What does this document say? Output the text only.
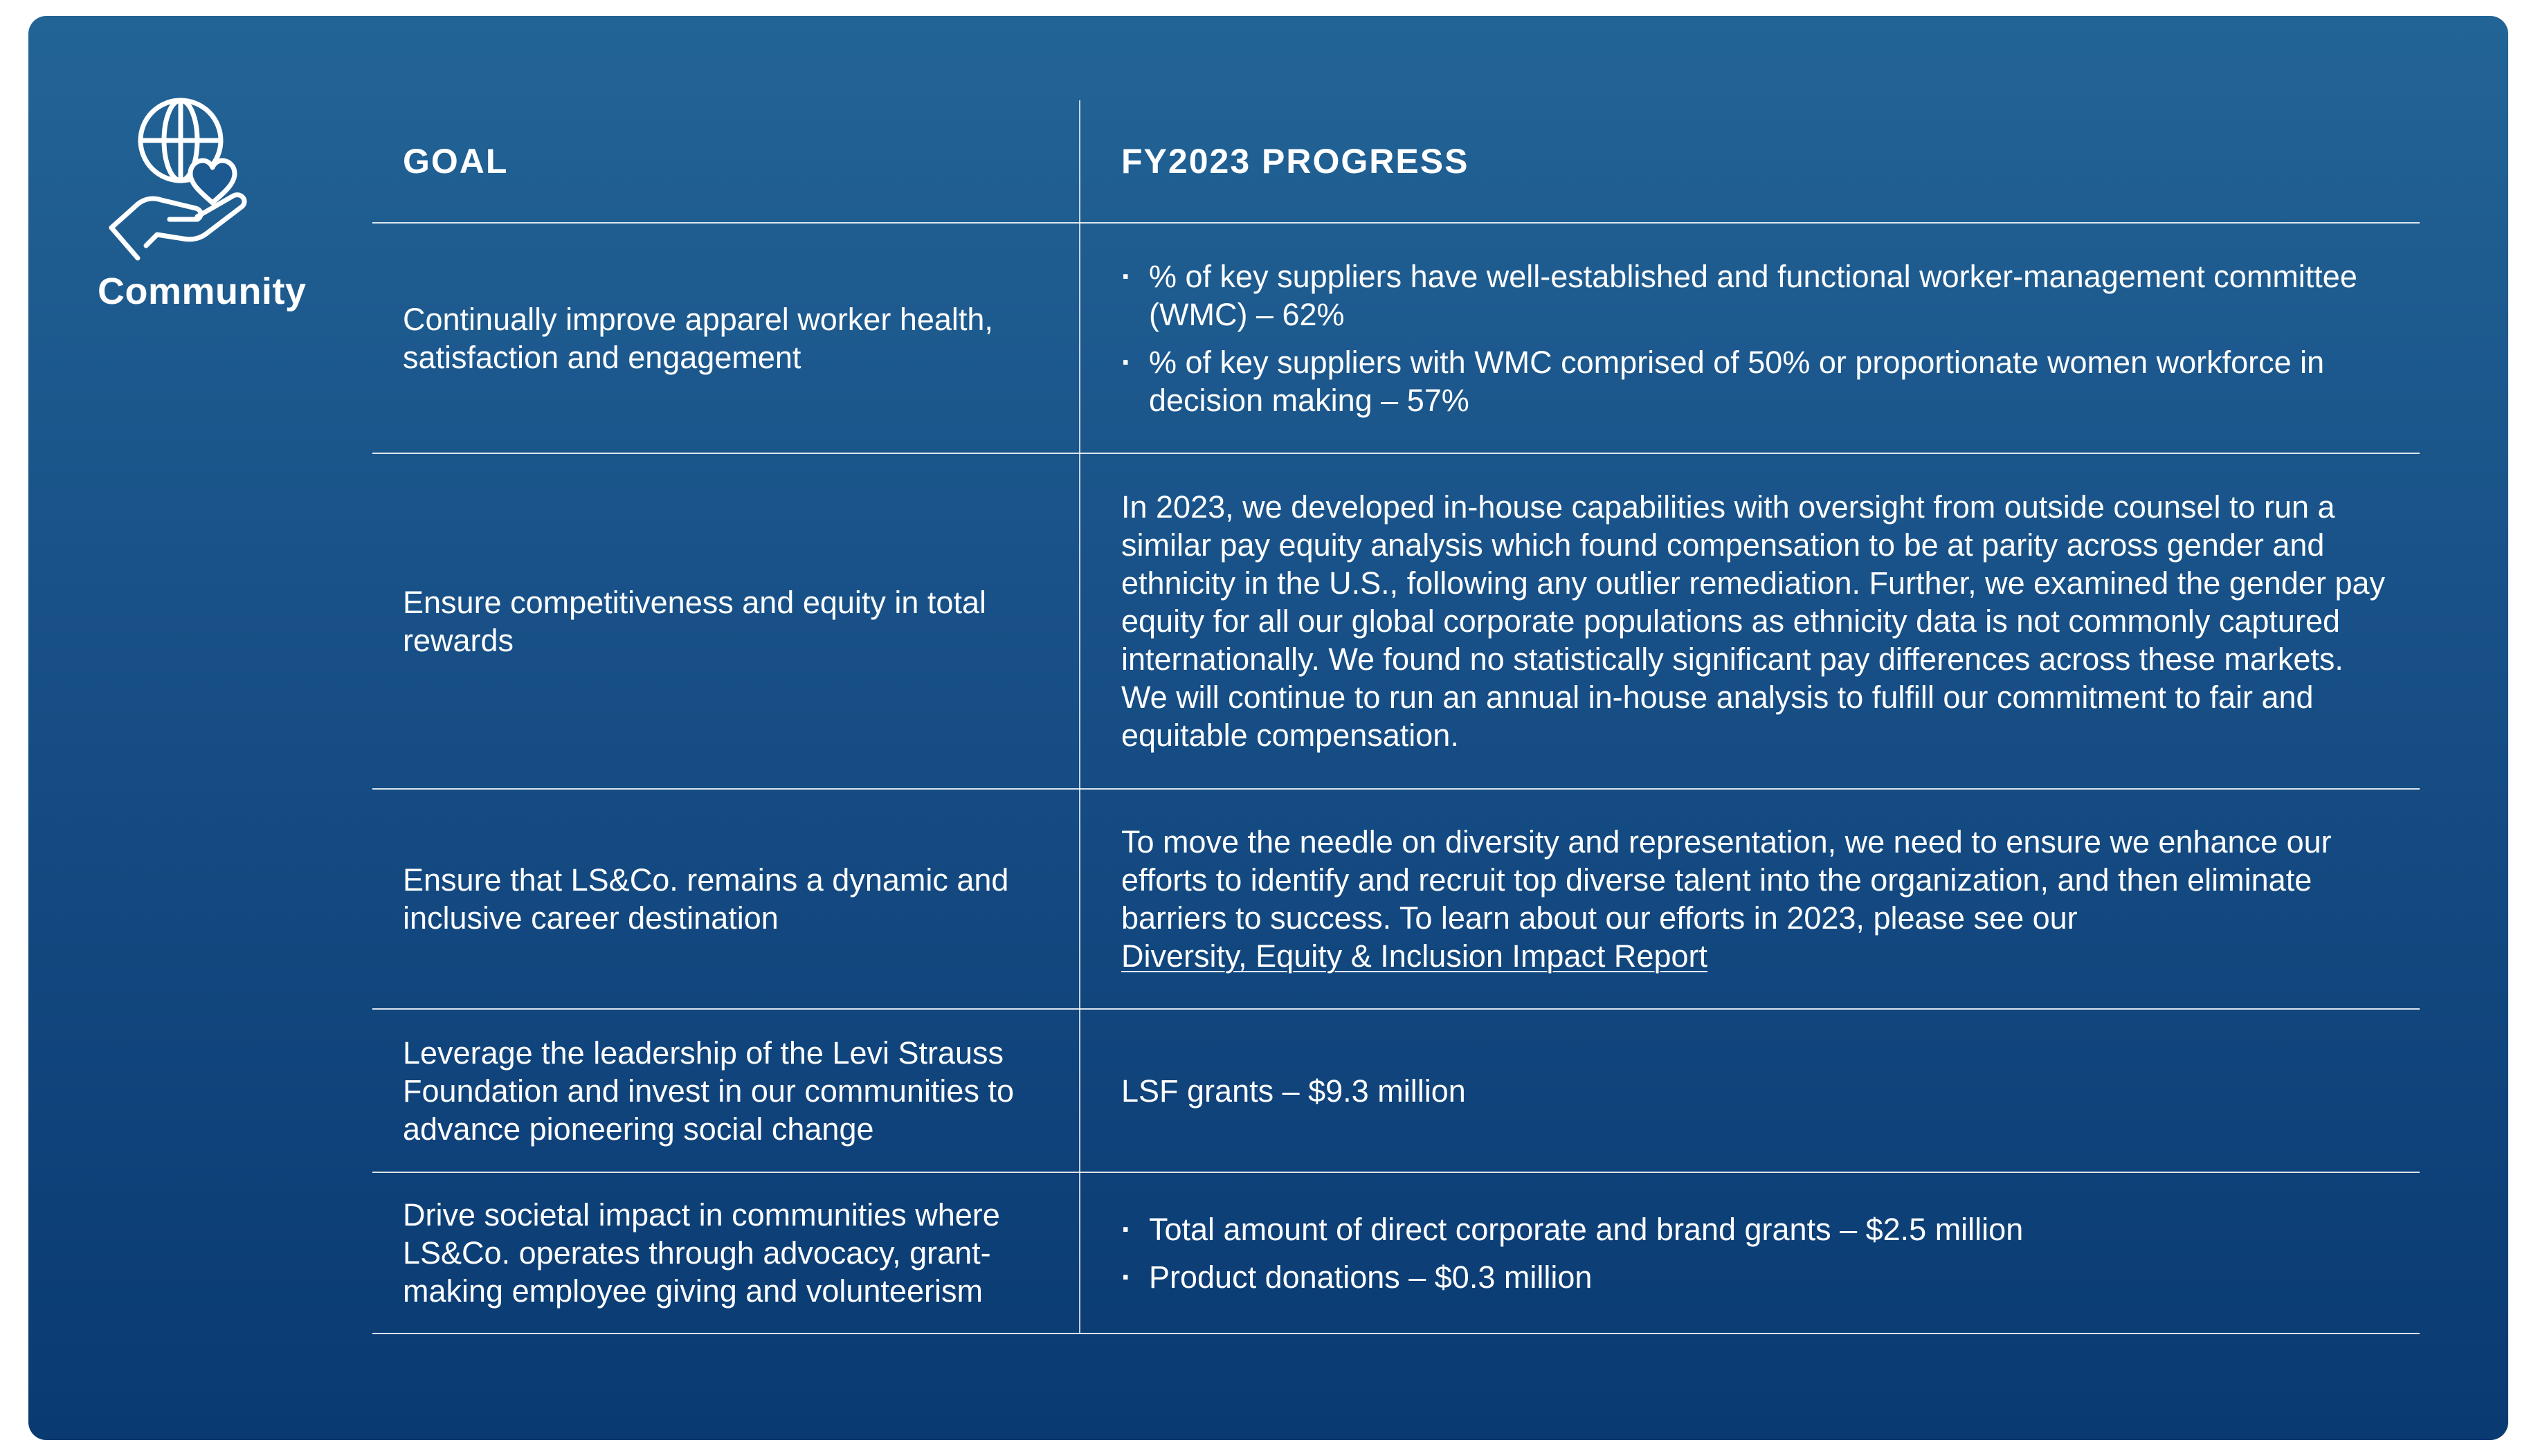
Community
GOAL	FY2023 PROGRESS
Continually improve apparel worker health, satisfaction and engagement
· % of key suppliers have well-established and functional worker-management committee (WMC) – 62%
· % of key suppliers with WMC comprised of 50% or proportionate women workforce in decision making – 57%
Ensure competitiveness and equity in total rewards
In 2023, we developed in-house capabilities with oversight from outside counsel to run a similar pay equity analysis which found compensation to be at parity across gender and ethnicity in the U.S., following any outlier remediation. Further, we examined the gender pay equity for all our global corporate populations as ethnicity data is not commonly captured internationally. We found no statistically significant pay differences across these markets. We will continue to run an annual in-house analysis to fulfill our commitment to fair and equitable compensation.
Ensure that LS&Co. remains a dynamic and inclusive career destination
To move the needle on diversity and representation, we need to ensure we enhance our efforts to identify and recruit top diverse talent into the organization, and then eliminate barriers to success. To learn about our efforts in 2023, please see our
Diversity, Equity & Inclusion Impact Report
Leverage the leadership of the Levi Strauss Foundation and invest in our communities to advance pioneering social change
LSF grants – $9.3 million
Drive societal impact in communities where LS&Co. operates through advocacy, grant-making employee giving and volunteerism
· Total amount of direct corporate and brand grants – $2.5 million
· Product donations – $0.3 million
